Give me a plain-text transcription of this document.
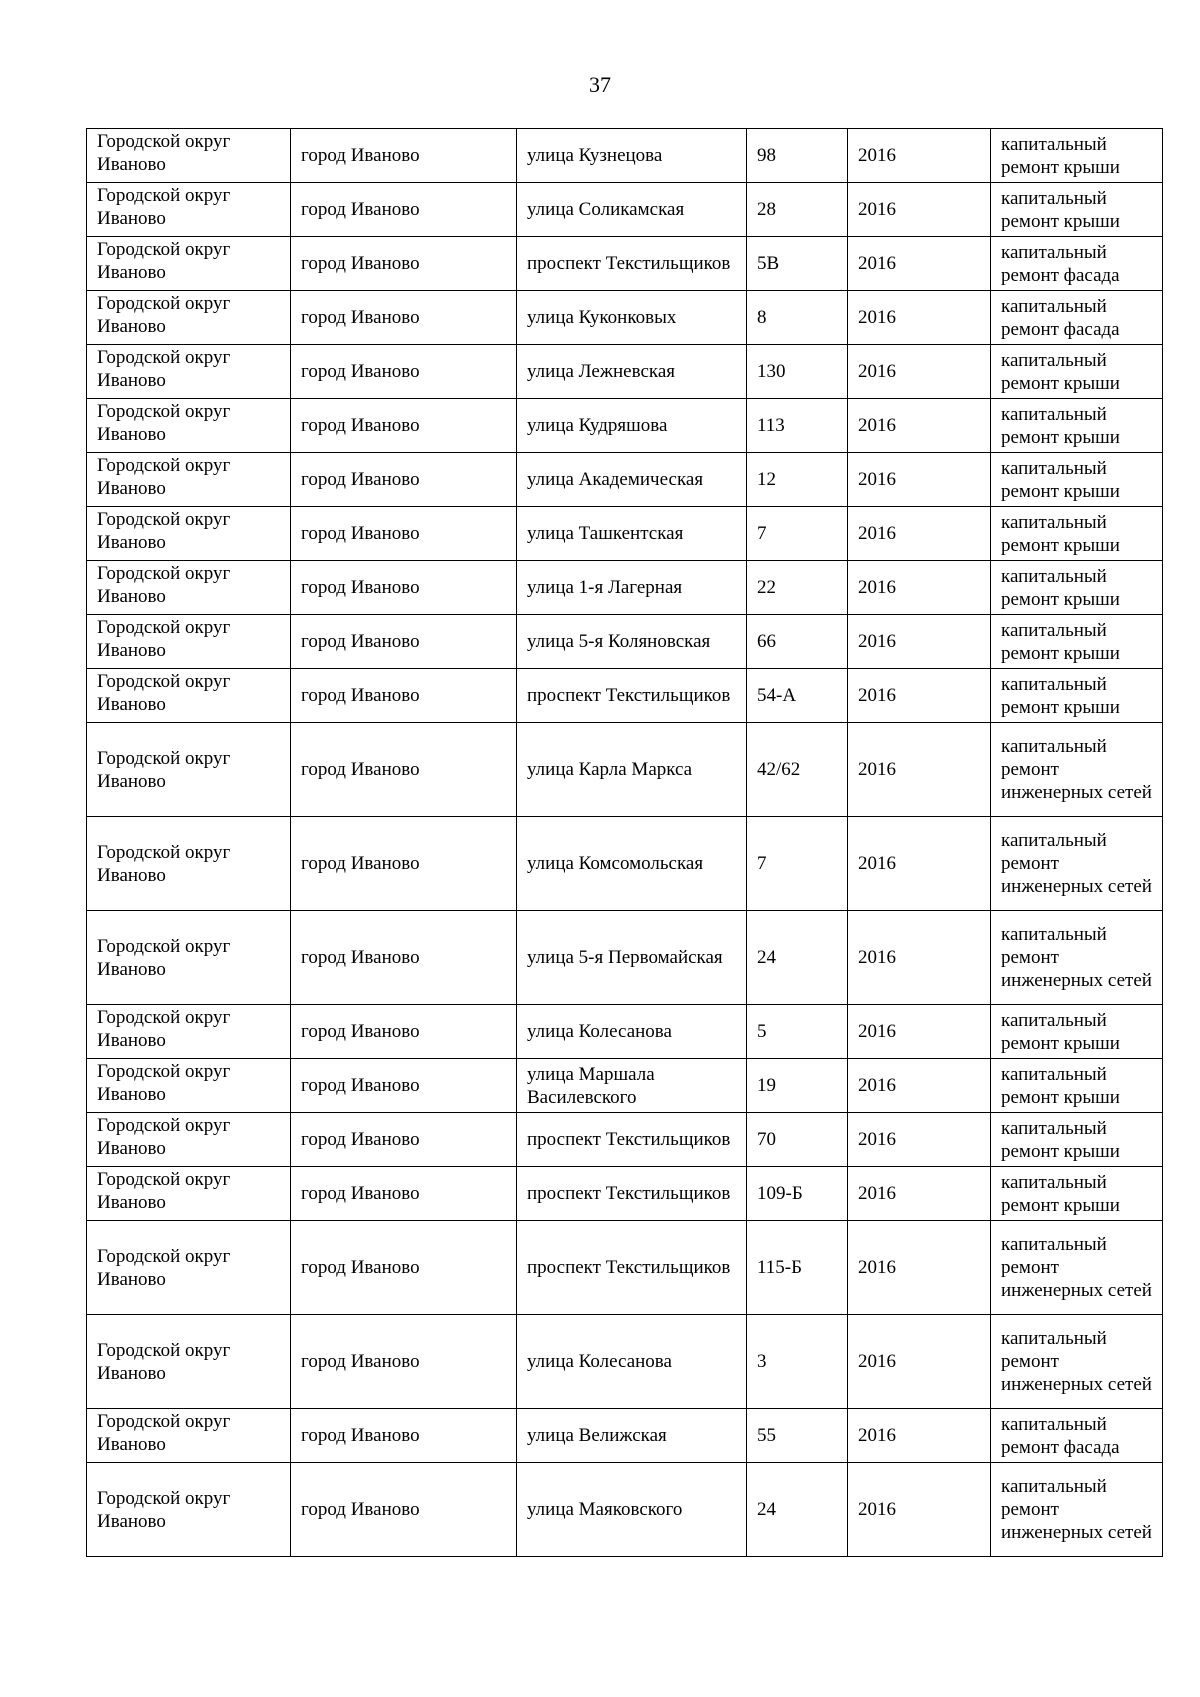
37
Городской округ Иваново	город Иваново	улица Кузнецова	98	2016	капитальный ремонт крыши
Городской округ Иваново	город Иваново	улица Соликамская	28	2016	капитальный ремонт крыши
Городской округ Иваново	город Иваново	проспект Текстильщиков	5В	2016	капитальный ремонт фасада
Городской округ Иваново	город Иваново	улица Куконковых	8	2016	капитальный ремонт фасада
Городской округ Иваново	город Иваново	улица Лежневская	130	2016	капитальный ремонт крыши
Городской округ Иваново	город Иваново	улица Кудряшова	113	2016	капитальный ремонт крыши
Городской округ Иваново	город Иваново	улица Академическая	12	2016	капитальный ремонт крыши
Городской округ Иваново	город Иваново	улица Ташкентская	7	2016	капитальный ремонт крыши
Городской округ Иваново	город Иваново	улица 1-я Лагерная	22	2016	капитальный ремонт крыши
Городской округ Иваново	город Иваново	улица 5-я Коляновская	66	2016	капитальный ремонт крыши
Городской округ Иваново	город Иваново	проспект Текстильщиков	54-А	2016	капитальный ремонт крыши
Городской округ Иваново	город Иваново	улица Карла Маркса	42/62	2016	капитальный ремонт инженерных сетей
Городской округ Иваново	город Иваново	улица Комсомольская	7	2016	капитальный ремонт инженерных сетей
Городской округ Иваново	город Иваново	улица 5-я Первомайская	24	2016	капитальный ремонт инженерных сетей
Городской округ Иваново	город Иваново	улица Колесанова	5	2016	капитальный ремонт крыши
Городской округ Иваново	город Иваново	улица Маршала Василевского	19	2016	капитальный ремонт крыши
Городской округ Иваново	город Иваново	проспект Текстильщиков	70	2016	капитальный ремонт крыши
Городской округ Иваново	город Иваново	проспект Текстильщиков	109-Б	2016	капитальный ремонт крыши
Городской округ Иваново	город Иваново	проспект Текстильщиков	115-Б	2016	капитальный ремонт инженерных сетей
Городской округ Иваново	город Иваново	улица Колесанова	3	2016	капитальный ремонт инженерных сетей
Городской округ Иваново	город Иваново	улица Велижская	55	2016	капитальный ремонт фасада
Городской округ Иваново	город Иваново	улица Маяковского	24	2016	капитальный ремонт инженерных сетей
